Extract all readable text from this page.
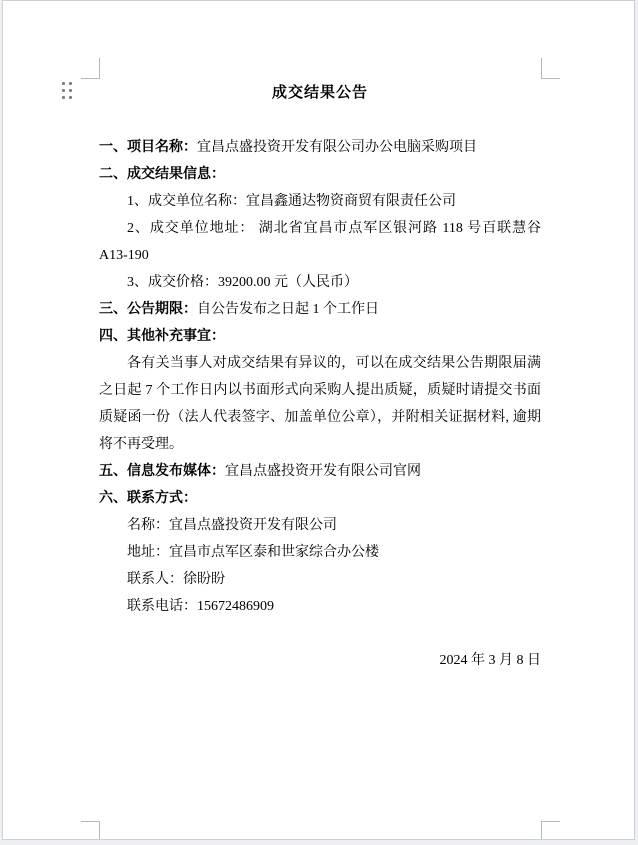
成交结果公告
一、项目名称：宜昌点盛投资开发有限公司办公电脑采购项目
二、成交结果信息：
1、成交单位名称：宜昌鑫通达物资商贸有限责任公司
2、成交单位地址： 湖北省宜昌市点军区银河路 118 号百联慧谷A13-190
3、成交价格：39200.00 元（人民币）
三、公告期限：自公告发布之日起 1 个工作日
四、其他补充事宜：
各有关当事人对成交结果有异议的，可以在成交结果公告期限届满之日起 7 个工作日内以书面形式向采购人提出质疑，质疑时请提交书面质疑函一份（法人代表签字、加盖单位公章），并附相关证据材料, 逾期将不再受理。
五、信息发布媒体：宜昌点盛投资开发有限公司官网
六、联系方式：
名称：宜昌点盛投资开发有限公司
地址：宜昌市点军区泰和世家综合办公楼
联系人：徐盼盼
联系电话：15672486909
2024 年 3 月 8 日
